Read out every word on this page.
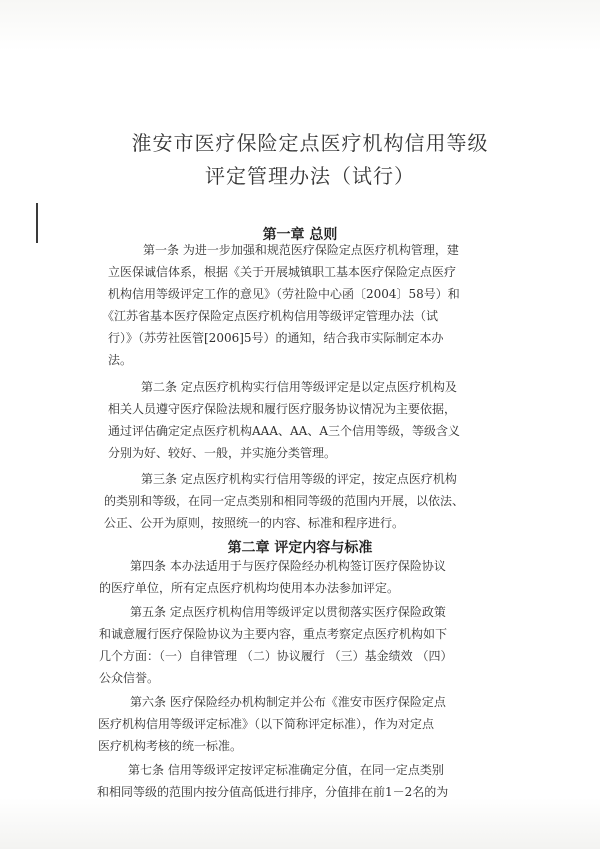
淮安市医疗保险定点医疗机构信用等级
评定管理办法（试行）
第一章 总则
第一条 为进一步加强和规范医疗保险定点医疗机构管理，建
立医保诚信体系，根据《关于开展城镇职工基本医疗保险定点医疗
机构信用等级评定工作的意见》（劳社险中心函〔2004〕58号）和
《江苏省基本医疗保险定点医疗机构信用等级评定管理办法（试
行）》（苏劳社医管[2006]5号）的通知，结合我市实际制定本办
法。
第二条 定点医疗机构实行信用等级评定是以定点医疗机构及
相关人员遵守医疗保险法规和履行医疗服务协议情况为主要依据，
通过评估确定定点医疗机构AAA、AA、A三个信用等级，等级含义
分别为好、较好、一般，并实施分类管理。
第三条 定点医疗机构实行信用等级的评定，按定点医疗机构
的类别和等级，在同一定点类别和相同等级的范围内开展，以依法、
公正、公开为原则，按照统一的内容、标准和程序进行。
第二章 评定内容与标准
第四条 本办法适用于与医疗保险经办机构签订医疗保险协议
的医疗单位，所有定点医疗机构均使用本办法参加评定。
第五条 定点医疗机构信用等级评定以贯彻落实医疗保险政策
和诚意履行医疗保险协议为主要内容，重点考察定点医疗机构如下
几个方面：（一）自律管理 （二）协议履行 （三）基金绩效 （四）
公众信誉。
第六条 医疗保险经办机构制定并公布《淮安市医疗保险定点
医疗机构信用等级评定标准》（以下简称评定标准），作为对定点
医疗机构考核的统一标准。
第七条 信用等级评定按评定标准确定分值，在同一定点类别
和相同等级的范围内按分值高低进行排序，分值排在前1－2名的为
